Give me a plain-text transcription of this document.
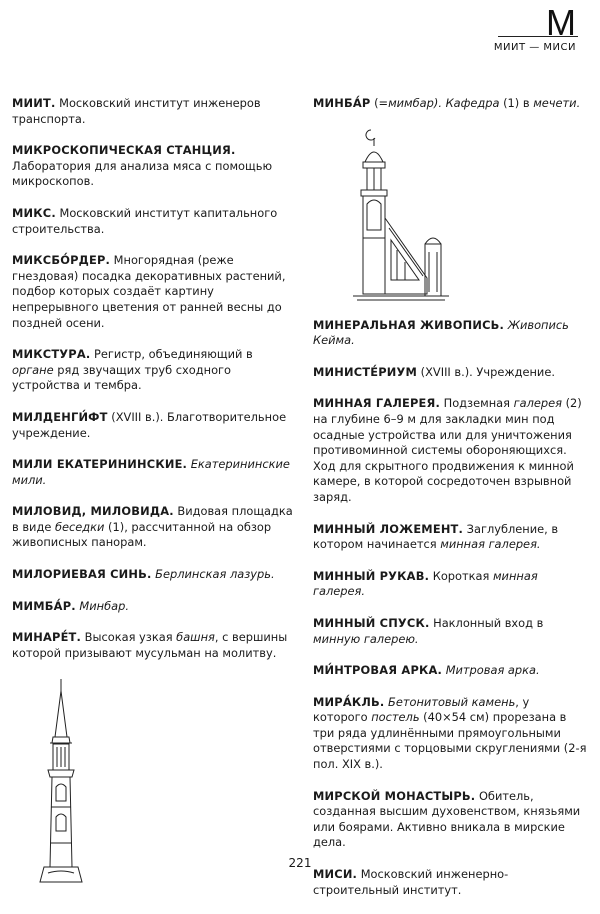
М
МИИТ — МИСИ

МИИТ. Московский институт инженеров транспорта.

МИКРОСКОПИЧЕСКАЯ СТАНЦИЯ. Лаборатория для анализа мяса с помощью микроскопов.

МИКС. Московский институт капитального строительства.

МИКСБО́РДЕР. Многорядная (реже гнездовая) посадка декоративных растений, подбор которых создаёт картину непрерывного цветения от ранней весны до поздней осени.

МИКСТУРА. Регистр, объединяющий в органе ряд звучащих труб сходного устройства и тембра.

МИЛДЕНГИ́ФТ (XVIII в.). Благотворительное учреждение.

МИЛИ ЕКАТЕРИНИНСКИЕ. Екатерининские мили.

МИЛОВИД, МИЛОВИДА. Видовая площадка в виде беседки (1), рассчитанной на обзор живописных панорам.

МИЛОРИЕВАЯ СИНЬ. Берлинская лазурь.

МИМБА́Р. Минбар.

МИНАРЕ́Т. Высокая узкая башня, с вершины которой призывают мусульман на молитву.

МИНБА́Р (=мимбар). Кафедра (1) в мечети.

МИНЕРАЛЬНАЯ ЖИВОПИСЬ. Живопись Кейма.

МИНИСТЕ́РИУМ (XVIII в.). Учреждение.

МИННАЯ ГАЛЕРЕЯ. Подземная галерея (2) на глубине 6–9 м для закладки мин под осадные устройства или для уничтожения противоминной системы обороняющихся. Ход для скрытного продвижения к минной камере, в которой сосредоточен взрывной заряд.

МИННЫЙ ЛОЖЕМЕНТ. Заглубление, в котором начинается минная галерея.

МИННЫЙ РУКАВ. Короткая минная галерея.

МИННЫЙ СПУСК. Наклонный вход в минную галерею.

МИ́НТРОВАЯ АРКА. Митровая арка.

МИРА́КЛЬ. Бетонитовый камень, у которого постель (40×54 см) прорезана в три ряда удлинёнными прямоугольными отверстиями с торцовыми скруглениями (2-я пол. XIX в.).

МИРСКОЙ МОНАСТЫРЬ. Обитель, созданная высшим духовенством, князьями или боярами. Активно вникала в мирские дела.

МИСИ. Московский инженерно-строительный институт.

221
